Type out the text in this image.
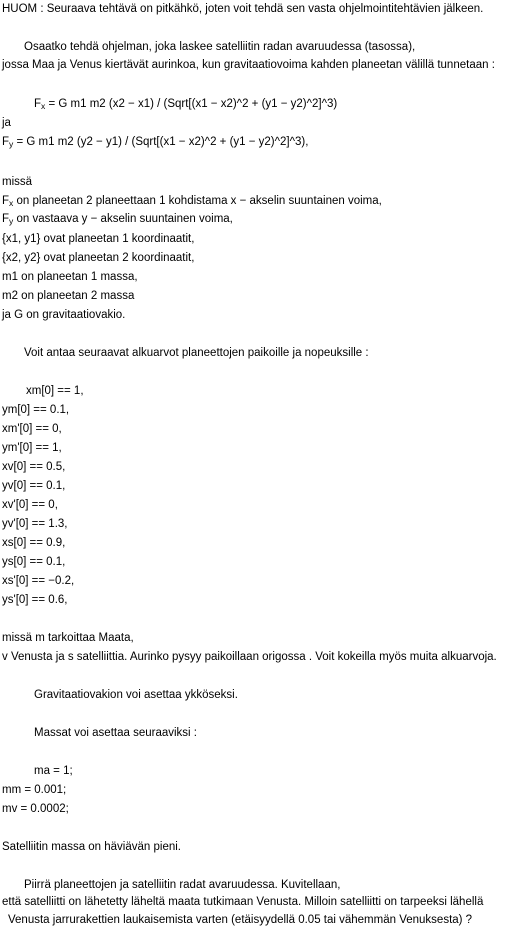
HUOM : Seuraava tehtävä on pitkähkö, joten voit tehdä sen vasta ohjelmointitehtävien jälkeen.
Osaatko tehdä ohjelman, joka laskee satelliitin radan avaruudessa (tasossa),
jossa Maa ja Venus kiertävät aurinkoa, kun gravitaatiovoima kahden planeetan välillä tunnetaan :
$F_x = G$ m1 m2 (x2 − x1) / (Sqrt[(x1 − x2)^2 + (y1 − y2)^2]^3)
ja
$F_y = G$ m1 m2 (y2 − y1) / (Sqrt[(x1 − x2)^2 + (y1 − y2)^2]^3),
missä
$F_x$ on planeetan 2 planeettaan 1 kohdistama x − akselin suuntainen voima,
$F_y$ on vastaava y − akselin suuntainen voima,
{x1, y1} ovat planeetan 1 koordinaatit,
{x2, y2} ovat planeetan 2 koordinaatit,
m1 on planeetan 1 massa,
m2 on planeetan 2 massa
ja G on gravitaatiovakio.
Voit antaa seuraavat alkuarvot planeettojen paikoille ja nopeuksille :
xm[0] == 1,
ym[0] == 0.1,
xm'[0] == 0,
ym'[0] == 1,
xv[0] == 0.5,
yv[0] == 0.1,
xv'[0] == 0,
yv'[0] == 1.3,
xs[0] == 0.9,
ys[0] == 0.1,
xs'[0] == −0.2,
ys'[0] == 0.6,
missä m tarkoittaa Maata,
v Venusta ja s satelliittia. Aurinko pysyy paikoillaan origossa . Voit kokeilla myös muita alkuarvoja.
Gravitaatiovakion voi asettaa ykköseksi.
Massat voi asettaa seuraaviksi :
ma = 1;
mm = 0.001;
mv = 0.0002;
Satelliitin massa on häviävän pieni.
Piirrä planeettojen ja satelliitin radat avaruudessa. Kuvitellaan,
että satelliitti on lähetetty läheltä maata tutkimaan Venusta. Milloin satelliitti on tarpeeksi lähellä
Venusta jarrurakettien laukaisemista varten (etäisyydellä 0.05 tai vähemmän Venuksesta) ?
